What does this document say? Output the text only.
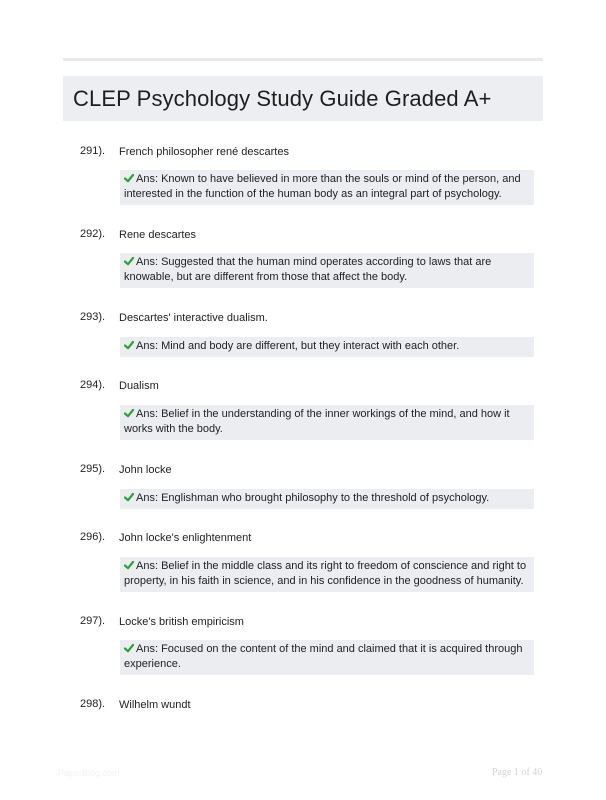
CLEP Psychology Study Guide Graded A+
291). French philosopher rené descartes
Ans: Known to have believed in more than the souls or mind of the person, and interested in the function of the human body as an integral part of psychology.
292). Rene descartes
Ans: Suggested that the human mind operates according to laws that are knowable, but are different from those that affect the body.
293). Descartes' interactive dualism.
Ans: Mind and body are different, but they interact with each other.
294). Dualism
Ans: Belief in the understanding of the inner workings of the mind, and how it works with the body.
295). John locke
Ans: Englishman who brought philosophy to the threshold of psychology.
296). John locke's enlightenment
Ans: Belief in the middle class and its right to freedom of conscience and right to property, in his faith in science, and in his confidence in the goodness of humanity.
297). Locke's british empiricism
Ans: Focused on the content of the mind and claimed that it is acquired through experience.
298). Wilhelm wundt
PaperBlog.com	Page 1 of 40
